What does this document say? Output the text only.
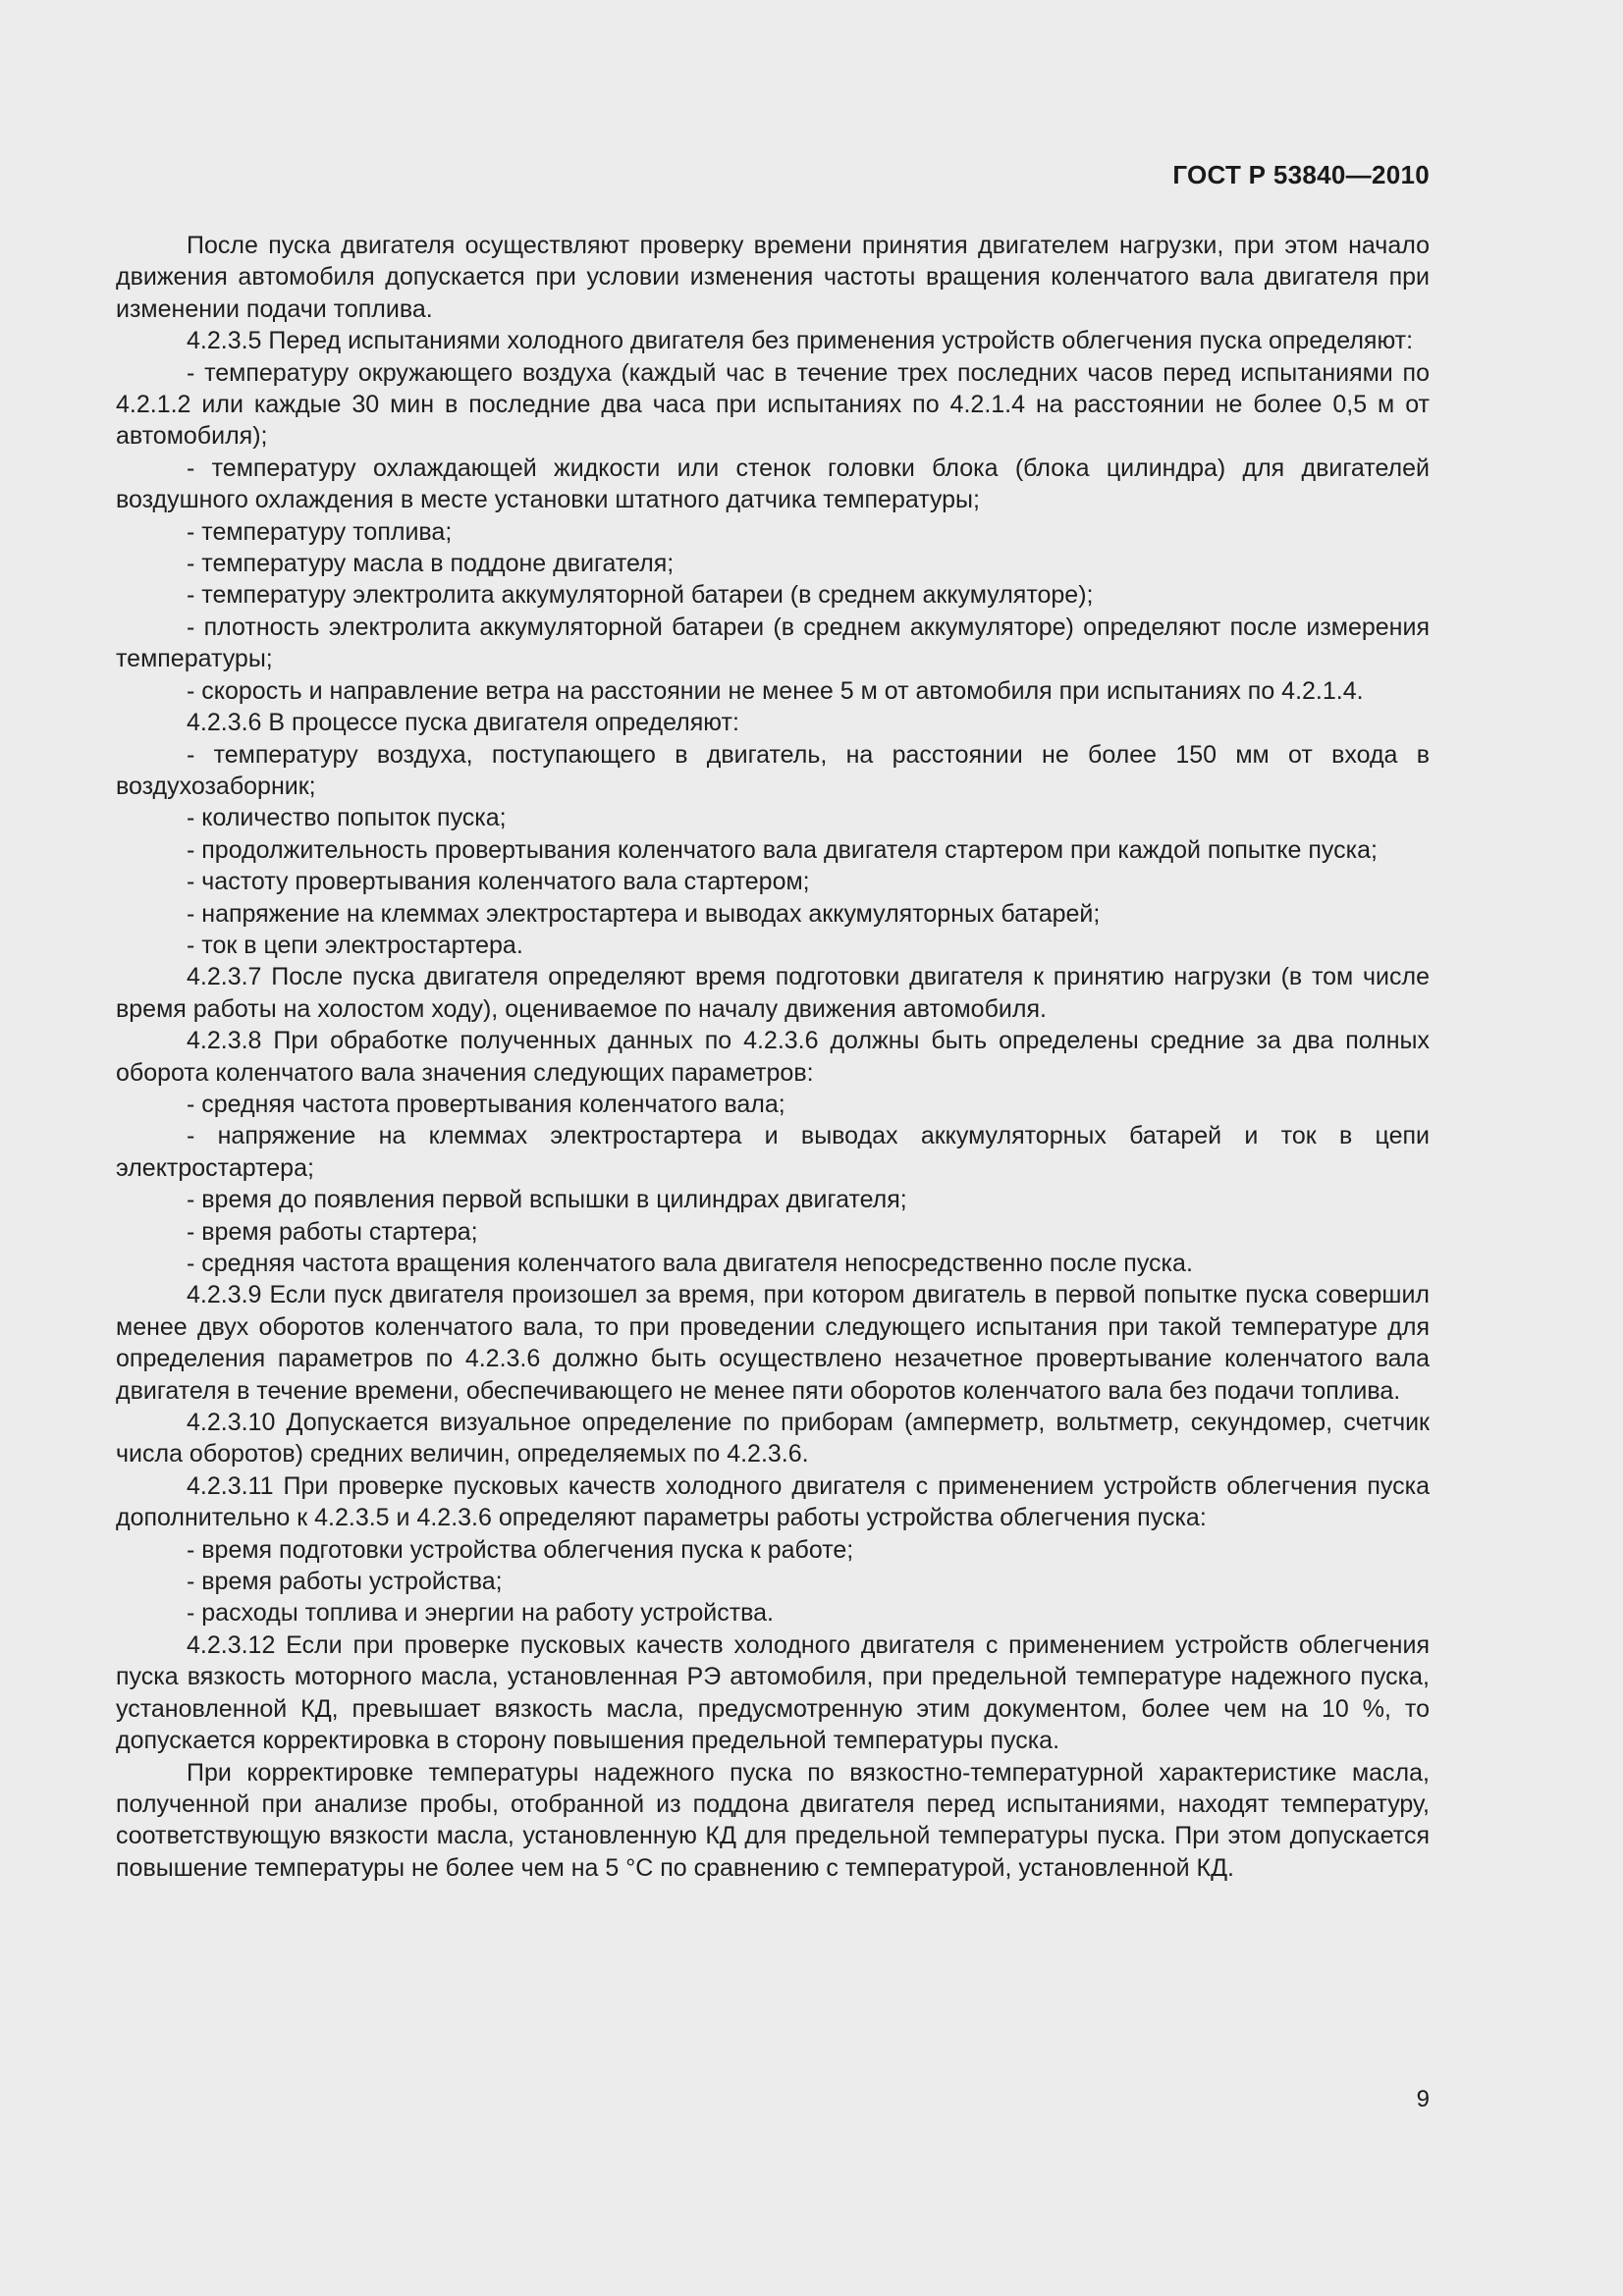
ГОСТ Р 53840—2010

После пуска двигателя осуществляют проверку времени принятия двигателем нагрузки, при этом начало движения автомобиля допускается при условии изменения частоты вращения коленчатого вала двигателя при изменении подачи топлива.

4.2.3.5 Перед испытаниями холодного двигателя без применения устройств облегчения пуска определяют:

- температуру окружающего воздуха (каждый час в течение трех последних часов перед испытаниями по 4.2.1.2 или каждые 30 мин в последние два часа при испытаниях по 4.2.1.4 на расстоянии не более 0,5 м от автомобиля);

- температуру охлаждающей жидкости или стенок головки блока (блока цилиндра) для двигателей воздушного охлаждения в месте установки штатного датчика температуры;

- температуру топлива;

- температуру масла в поддоне двигателя;

- температуру электролита аккумуляторной батареи (в среднем аккумуляторе);

- плотность электролита аккумуляторной батареи (в среднем аккумуляторе) определяют после измерения температуры;

- скорость и направление ветра на расстоянии не менее 5 м от автомобиля при испытаниях по 4.2.1.4.

4.2.3.6 В процессе пуска двигателя определяют:

- температуру воздуха, поступающего в двигатель, на расстоянии не более 150 мм от входа в воздухозаборник;

- количество попыток пуска;

- продолжительность провертывания коленчатого вала двигателя стартером при каждой попытке пуска;

- частоту провертывания коленчатого вала стартером;

- напряжение на клеммах электростартера и выводах аккумуляторных батарей;

- ток в цепи электростартера.

4.2.3.7 После пуска двигателя определяют время подготовки двигателя к принятию нагрузки (в том числе время работы на холостом ходу), оцениваемое по началу движения автомобиля.

4.2.3.8 При обработке полученных данных по 4.2.3.6 должны быть определены средние за два полных оборота коленчатого вала значения следующих параметров:

- средняя частота провертывания коленчатого вала;

- напряжение на клеммах электростартера и выводах аккумуляторных батарей и ток в цепи электростартера;

- время до появления первой вспышки в цилиндрах двигателя;

- время работы стартера;

- средняя частота вращения коленчатого вала двигателя непосредственно после пуска.

4.2.3.9 Если пуск двигателя произошел за время, при котором двигатель в первой попытке пуска совершил менее двух оборотов коленчатого вала, то при проведении следующего испытания при такой температуре для определения параметров по 4.2.3.6 должно быть осуществлено незачетное провертывание коленчатого вала двигателя в течение времени, обеспечивающего не менее пяти оборотов коленчатого вала без подачи топлива.

4.2.3.10 Допускается визуальное определение по приборам (амперметр, вольтметр, секундомер, счетчик числа оборотов) средних величин, определяемых по 4.2.3.6.

4.2.3.11 При проверке пусковых качеств холодного двигателя с применением устройств облегчения пуска дополнительно к 4.2.3.5 и 4.2.3.6 определяют параметры работы устройства облегчения пуска:

- время подготовки устройства облегчения пуска к работе;

- время работы устройства;

- расходы топлива и энергии на работу устройства.

4.2.3.12 Если при проверке пусковых качеств холодного двигателя с применением устройств облегчения пуска вязкость моторного масла, установленная РЭ автомобиля, при предельной температуре надежного пуска, установленной КД, превышает вязкость масла, предусмотренную этим документом, более чем на 10 %, то допускается корректировка в сторону повышения предельной температуры пуска.

При корректировке температуры надежного пуска по вязкостно-температурной характеристике масла, полученной при анализе пробы, отобранной из поддона двигателя перед испытаниями, находят температуру, соответствующую вязкости масла, установленную КД для предельной температуры пуска. При этом допускается повышение температуры не более чем на 5 °С по сравнению с температурой, установленной КД.

9
